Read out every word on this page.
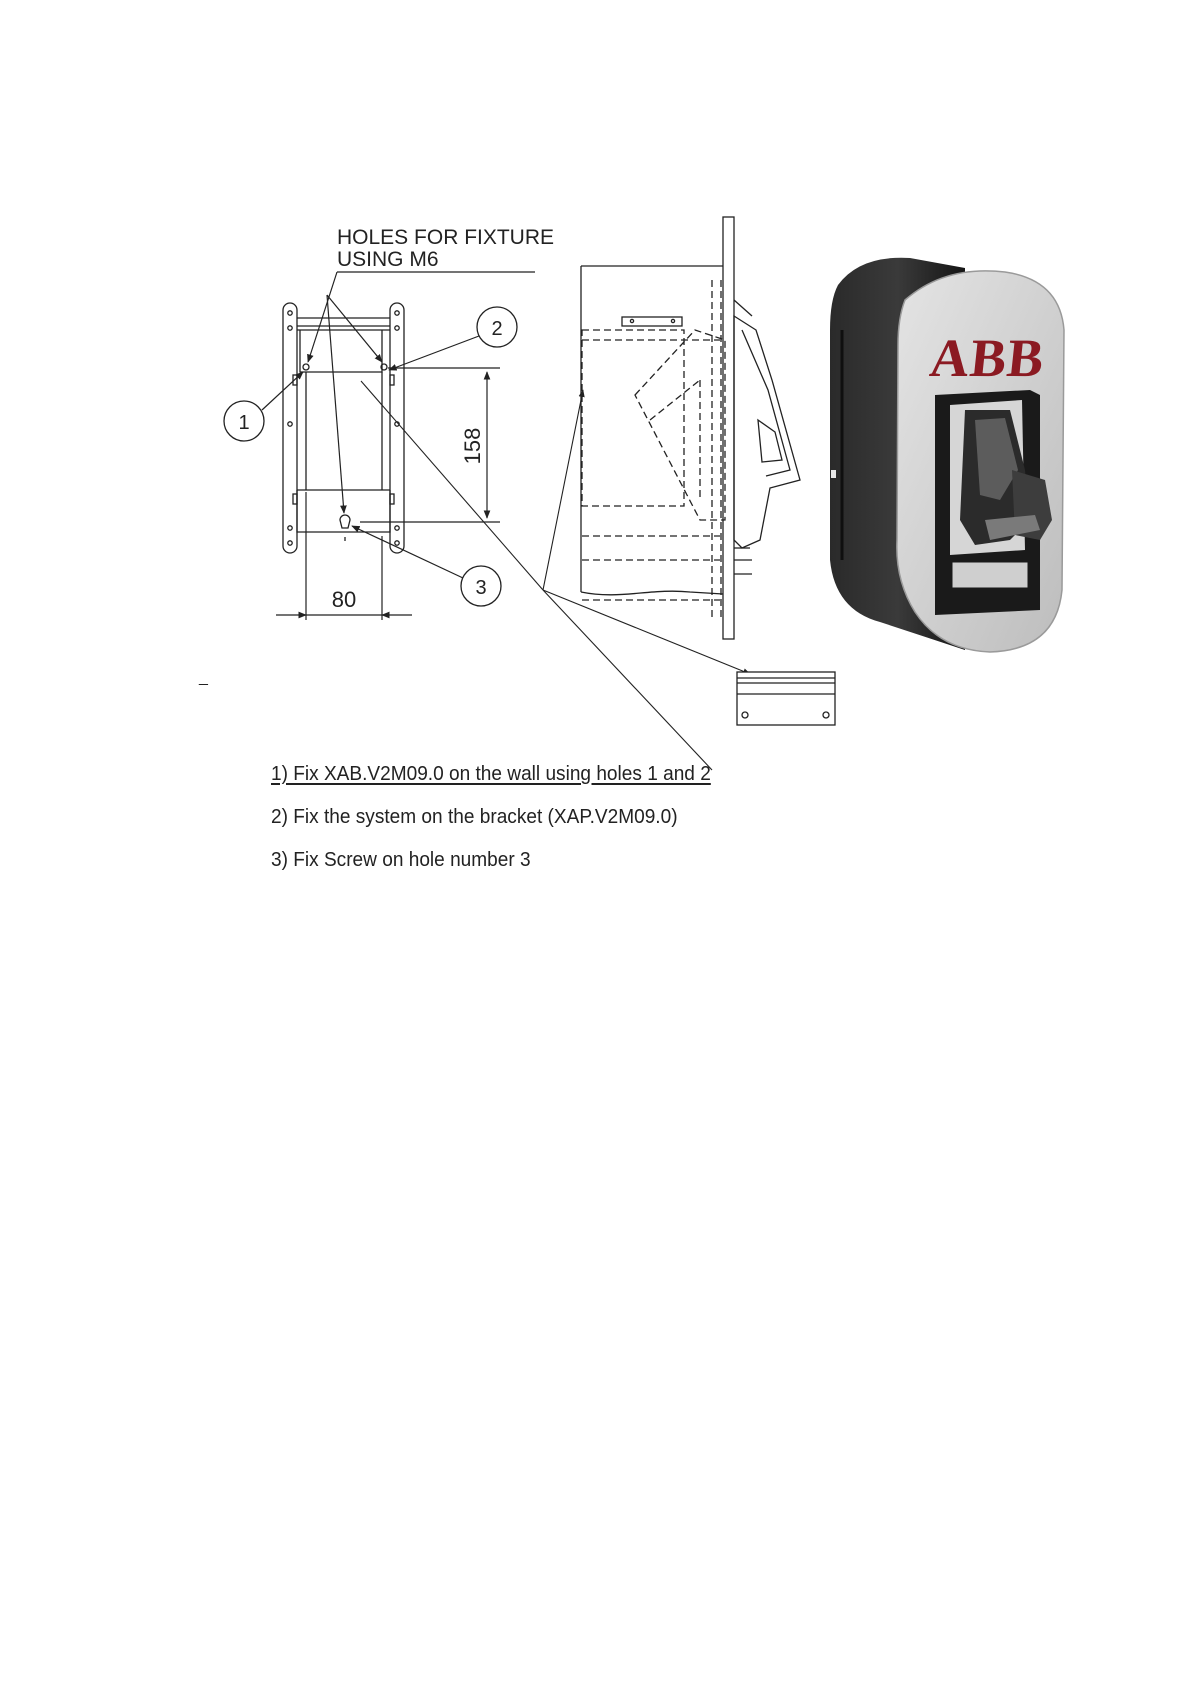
158
80
HOLES FOR FIXTURE
USING M6
1
2
3
ABB
_
1) Fix XAB.V2M09.0 on the wall using holes 1 and 2
2) Fix the system on the bracket (XAP.V2M09.0)
3) Fix Screw on hole number 3
